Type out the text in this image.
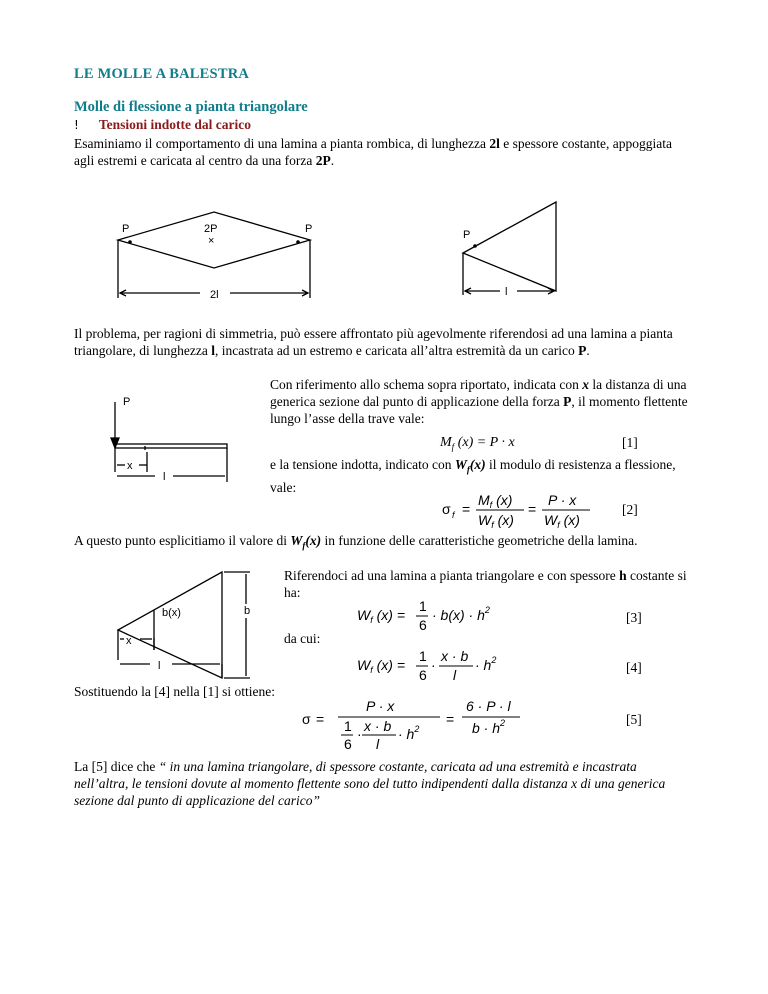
LE MOLLE A BALESTRA
Molle di flessione a pianta triangolare
! Tensioni indotte dal carico
Esaminiamo il comportamento di una lamina a pianta rombica, di lunghezza 2l e spessore costante, appoggiata
agli estremi e caricata al centro da una forza 2P.
P	2P
×
P
2l
P
l
Il problema, per ragioni di simmetria, può essere affrontato più agevolmente riferendosi ad una lamina a pianta
triangolare, di lunghezza l, incastrata ad un estremo e caricata all’altra estremità da un carico P.
P
x
l
Con riferimento allo schema sopra riportato, indicata con x la distanza di una
generica sezione dal punto di applicazione della forza P, il momento flettente
lungo l’asse della trave vale:
$M_f$ (x) = P · x	[1]
e la tensione indotta, indicato con $W_f(x)$ il modulo di resistenza a flessione,
vale:
σ f =
$M_f$ (x)
$W_f$ (x)
=
P · x
$W_f$ (x)
[2]
A questo punto esplicitiamo il valore di $W_f(x)$ in funzione delle caratteristiche geometriche della lamina.
b(x)	b
x
l
Riferendoci ad una lamina a pianta triangolare e con spessore h costante si
ha:
$W_f$ (x) =
1
6
· $b(x) \cdot h^2$	[3]
da cui:
$W_f$ (x) =
1
6
·
x · b
l
· $h^2$	[4]
Sostituendo la [4] nella [1] si ottiene:
σ =
P · x
1
6
· x · b
l
· $h^2$
=
6 · P · l
$b \cdot h^2$	[5]
La [5] dice che “ in una lamina triangolare, di spessore costante, caricata ad una estremità e incastrata
nell’altra, le tensioni dovute al momento flettente sono del tutto indipendenti dalla distanza x di una generica
sezione dal punto di applicazione del carico”
